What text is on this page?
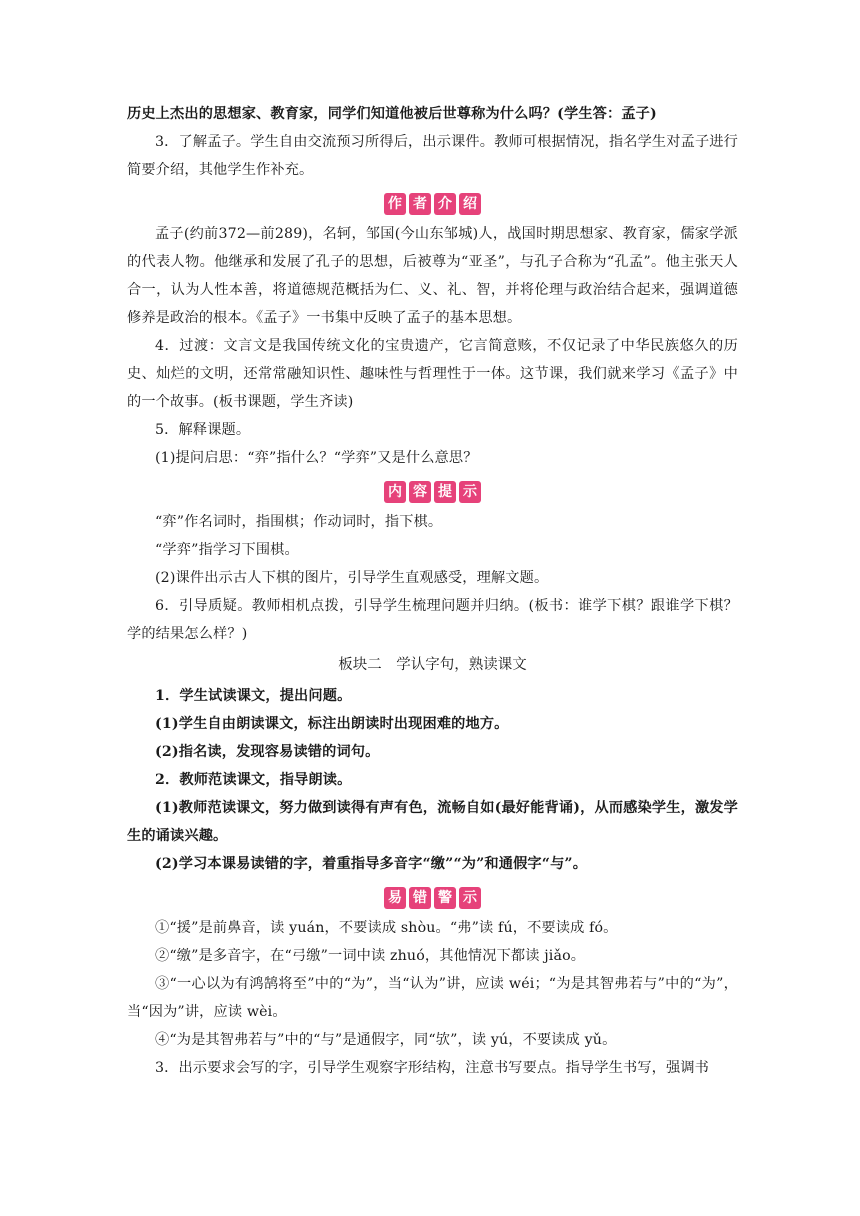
历史上杰出的思想家、教育家，同学们知道他被后世尊称为什么吗？(学生答：孟子)

3．了解孟子。学生自由交流预习所得后，出示课件。教师可根据情况，指名学生对孟子进行简要介绍，其他学生作补充。

作 者 介 绍

孟子(约前372—前289)，名轲，邹国(今山东邹城)人，战国时期思想家、教育家，儒家学派的代表人物。他继承和发展了孔子的思想，后被尊为“亚圣”，与孔子合称为“孔孟”。他主张天人合一，认为人性本善，将道德规范概括为仁、义、礼、智，并将伦理与政治结合起来，强调道德修养是政治的根本。《孟子》一书集中反映了孟子的基本思想。

4．过渡：文言文是我国传统文化的宝贵遗产，它言简意赅，不仅记录了中华民族悠久的历史、灿烂的文明，还常常融知识性、趣味性与哲理性于一体。这节课，我们就来学习《孟子》中的一个故事。(板书课题，学生齐读)

5．解释课题。

(1)提问启思：“弈”指什么？“学弈”又是什么意思？

内 容 提 示

“弈”作名词时，指围棋；作动词时，指下棋。

“学弈”指学习下围棋。

(2)课件出示古人下棋的图片，引导学生直观感受，理解文题。

6．引导质疑。教师相机点拨，引导学生梳理问题并归纳。(板书：谁学下棋？跟谁学下棋？学的结果怎么样？)

板块二　学认字句，熟读课文

1．学生试读课文，提出问题。

(1)学生自由朗读课文，标注出朗读时出现困难的地方。

(2)指名读，发现容易读错的词句。

2．教师范读课文，指导朗读。

(1)教师范读课文，努力做到读得有声有色，流畅自如(最好能背诵)，从而感染学生，激发学生的诵读兴趣。

(2)学习本课易读错的字，着重指导多音字“缴”“为”和通假字“与”。

易 错 警 示

①“援”是前鼻音，读 yuán，不要读成 shòu。“弗”读 fú，不要读成 fó。

②“缴”是多音字，在“弓缴”一词中读 zhuó，其他情况下都读 jiǎo。

③“一心以为有鸿鹄将至”中的“为”，当“认为”讲，应读 wéi；“为是其智弗若与”中的“为”，当“因为”讲，应读 wèi。

④“为是其智弗若与”中的“与”是通假字，同“欤”，读 yú，不要读成 yǔ。

3．出示要求会写的字，引导学生观察字形结构，注意书写要点。指导学生书写，强调书
